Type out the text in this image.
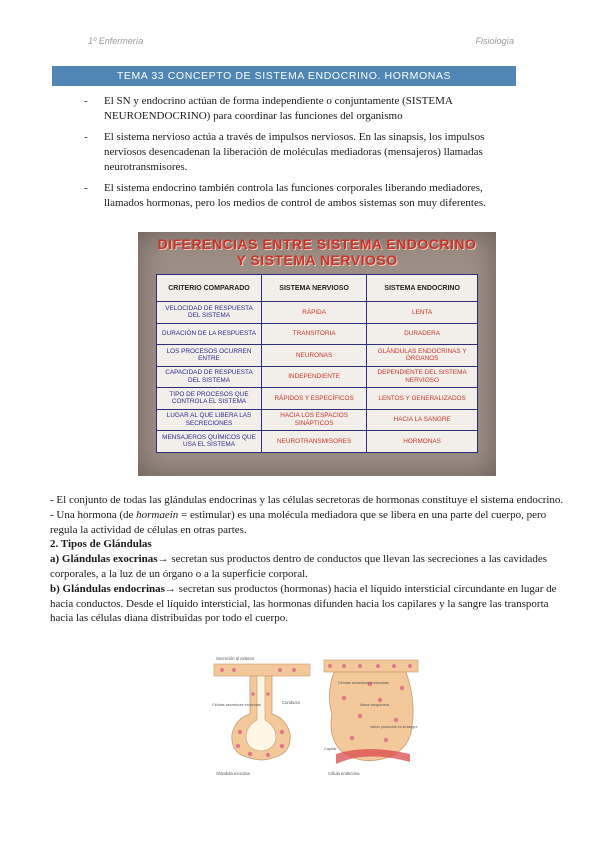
1º Enfermería	Fisiología
TEMA 33 CONCEPTO DE SISTEMA ENDOCRINO. HORMONAS
- El SN y endocrino actúan de forma independiente o conjuntamente (SISTEMA NEUROENDOCRINO) para coordinar las funciones del organismo
- El sistema nervioso actúa a través de impulsos nerviosos. En las sinapsis, los impulsos nerviosos desencadenan la liberación de moléculas mediadoras (mensajeros) llamadas neurotransmisores.
- El sistema endocrino también controla las funciones corporales liberando mediadores, llamados hormonas, pero los medios de control de ambos sistemas son muy diferentes.
DIFERENCIAS ENTRE SISTEMA ENDOCRINO
Y SISTEMA NERVIOSO
CRITERIO COMPARADO	SISTEMA NERVIOSO	SISTEMA ENDOCRINO
VELOCIDAD DE RESPUESTA DEL SISTEMA	RÁPIDA	LENTA
DURACIÓN DE LA RESPUESTA	TRANSITORIA	DURADERA
LOS PROCESOS OCURREN ENTRE	NEURONAS	GLÁNDULAS ENDOCRINAS Y ÓRGANOS
CAPACIDAD DE RESPUESTA DEL SISTEMA	INDEPENDIENTE	DEPENDIENTE DEL SISTEMA NERVIOSO
TIPO DE PROCESOS QUE CONTROLA EL SISTEMA	RÁPIDOS Y ESPECÍFICOS	LENTOS Y GENERALIZADOS
LUGAR AL QUE LIBERA LAS SECRECIONES	HACIA LOS ESPACIOS SINÁPTICOS	HACIA LA SANGRE
MENSAJEROS QUÍMICOS QUE USA EL SISTEMA	NEUROTRANSMISORES	HORMONAS

- El conjunto de todas las glándulas endocrinas y las células secretoras de hormonas constituye el sistema endocrino.

- Una hormona (de hormaein = estimular) es una molécula mediadora que se libera en una parte del cuerpo, pero regula la actividad de células en otras partes.

2. Tipos de Glándulas

a) Glándulas exocrinas→ secretan sus productos dentro de conductos que llevan las secreciones a las cavidades corporales, a la luz de un órgano o a la superficie corporal.

b) Glándulas endocrinas→ secretan sus productos (hormonas) hacia el líquido intersticial circundante en lugar de hacia conductos. Desde el líquido intersticial, las hormonas difunden hacia los capilares y la sangre las transporta hacia las células diana distribuidas por todo el cuerpo.

Secreción al exterior
Células secretoras exocrinas	Conducto
Glándula exocrina
Células secretoras endocrinas
Vasos sanguíneos
Varios productos en la sangre
Capilar
Célula endocrina
